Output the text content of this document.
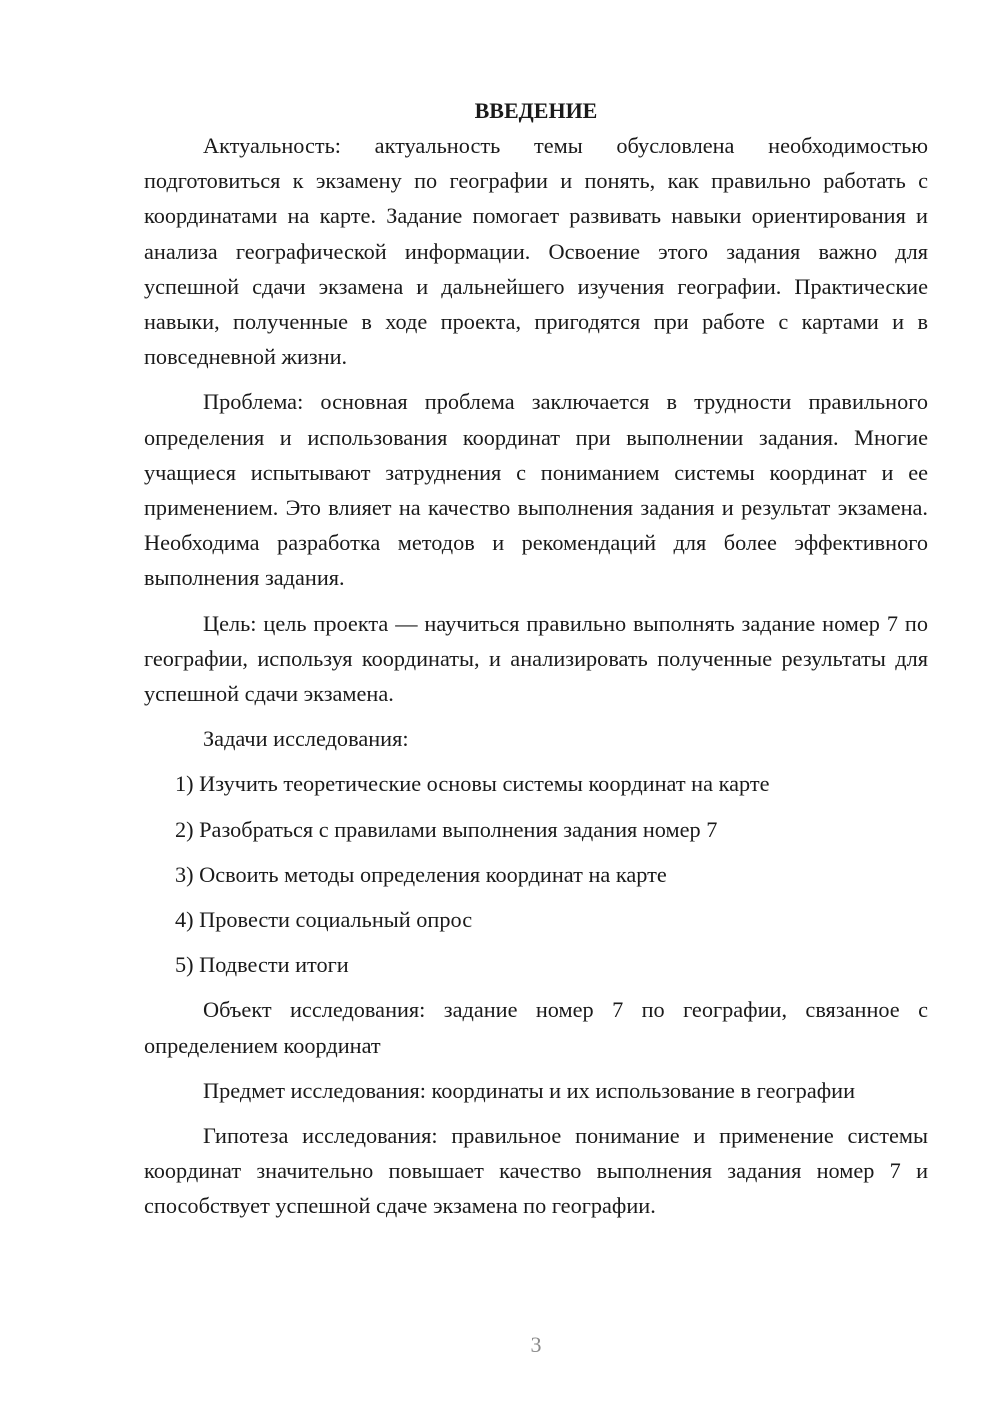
ВВЕДЕНИЕ

Актуальность: актуальность темы обусловлена необходимостью подготовиться к экзамену по географии и понять, как правильно работать с координатами на карте. Задание помогает развивать навыки ориентирования и анализа географической информации. Освоение этого задания важно для успешной сдачи экзамена и дальнейшего изучения географии. Практические навыки, полученные в ходе проекта, пригодятся при работе с картами и в повседневной жизни.

Проблема: основная проблема заключается в трудности правильного определения и использования координат при выполнении задания. Многие учащиеся испытывают затруднения с пониманием системы координат и ее применением. Это влияет на качество выполнения задания и результат экзамена. Необходима разработка методов и рекомендаций для более эффективного выполнения задания.

Цель: цель проекта — научиться правильно выполнять задание номер 7 по географии, используя координаты, и анализировать полученные результаты для успешной сдачи экзамена.

Задачи исследования:

1) Изучить теоретические основы системы координат на карте

2) Разобраться с правилами выполнения задания номер 7

3) Освоить методы определения координат на карте

4) Провести социальный опрос

5) Подвести итоги

Объект исследования: задание номер 7 по географии, связанное с определением координат

Предмет исследования: координаты и их использование в географии

Гипотеза исследования: правильное понимание и применение системы координат значительно повышает качество выполнения задания номер 7 и способствует успешной сдаче экзамена по географии.

3
